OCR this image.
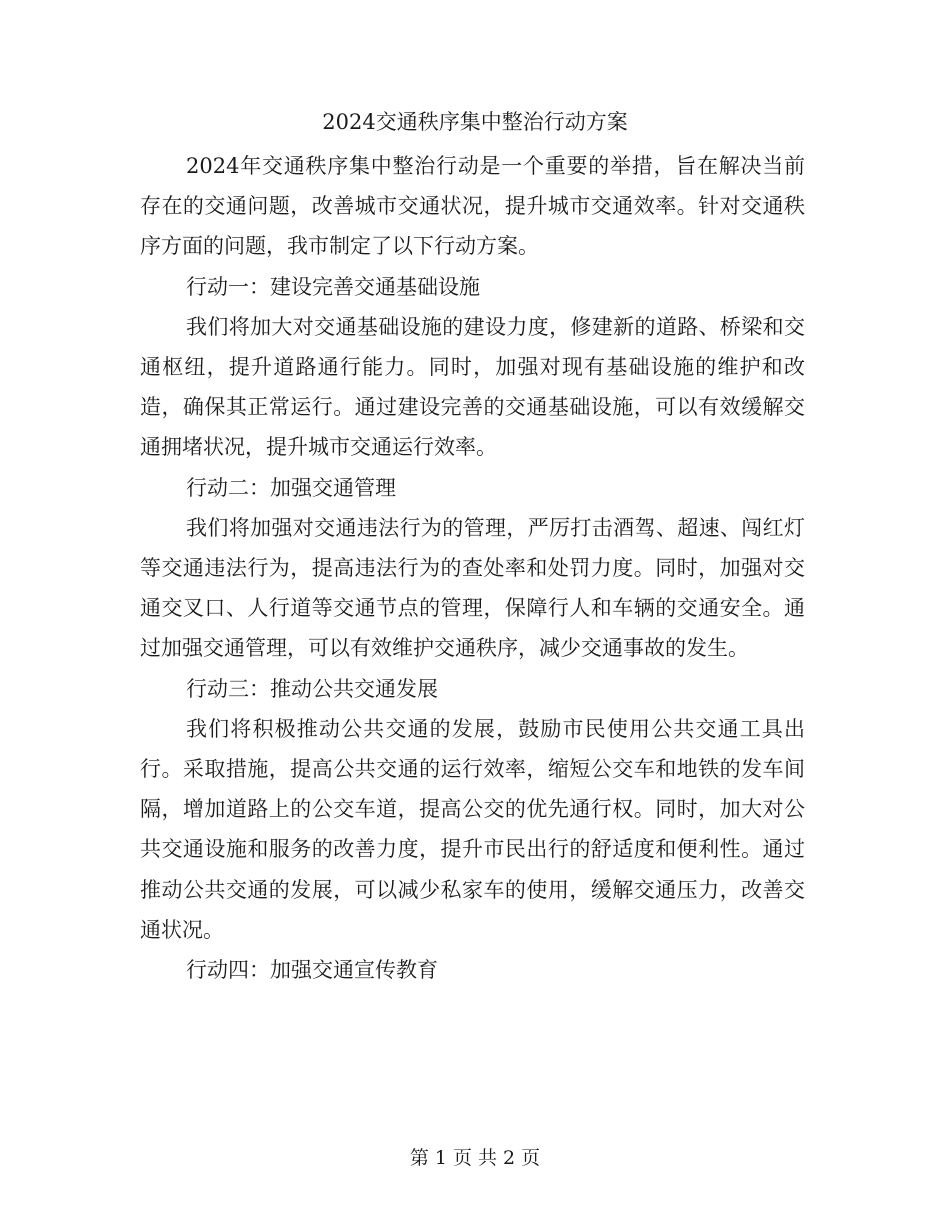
2024交通秩序集中整治行动方案

2024年交通秩序集中整治行动是一个重要的举措，旨在解决当前存在的交通问题，改善城市交通状况，提升城市交通效率。针对交通秩序方面的问题，我市制定了以下行动方案。

行动一：建设完善交通基础设施

我们将加大对交通基础设施的建设力度，修建新的道路、桥梁和交通枢纽，提升道路通行能力。同时，加强对现有基础设施的维护和改造，确保其正常运行。通过建设完善的交通基础设施，可以有效缓解交通拥堵状况，提升城市交通运行效率。

行动二：加强交通管理

我们将加强对交通违法行为的管理，严厉打击酒驾、超速、闯红灯等交通违法行为，提高违法行为的查处率和处罚力度。同时，加强对交通交叉口、人行道等交通节点的管理，保障行人和车辆的交通安全。通过加强交通管理，可以有效维护交通秩序，减少交通事故的发生。

行动三：推动公共交通发展

我们将积极推动公共交通的发展，鼓励市民使用公共交通工具出行。采取措施，提高公共交通的运行效率，缩短公交车和地铁的发车间隔，增加道路上的公交车道，提高公交的优先通行权。同时，加大对公共交通设施和服务的改善力度，提升市民出行的舒适度和便利性。通过推动公共交通的发展，可以减少私家车的使用，缓解交通压力，改善交通状况。

行动四：加强交通宣传教育

第 1 页 共 2 页
